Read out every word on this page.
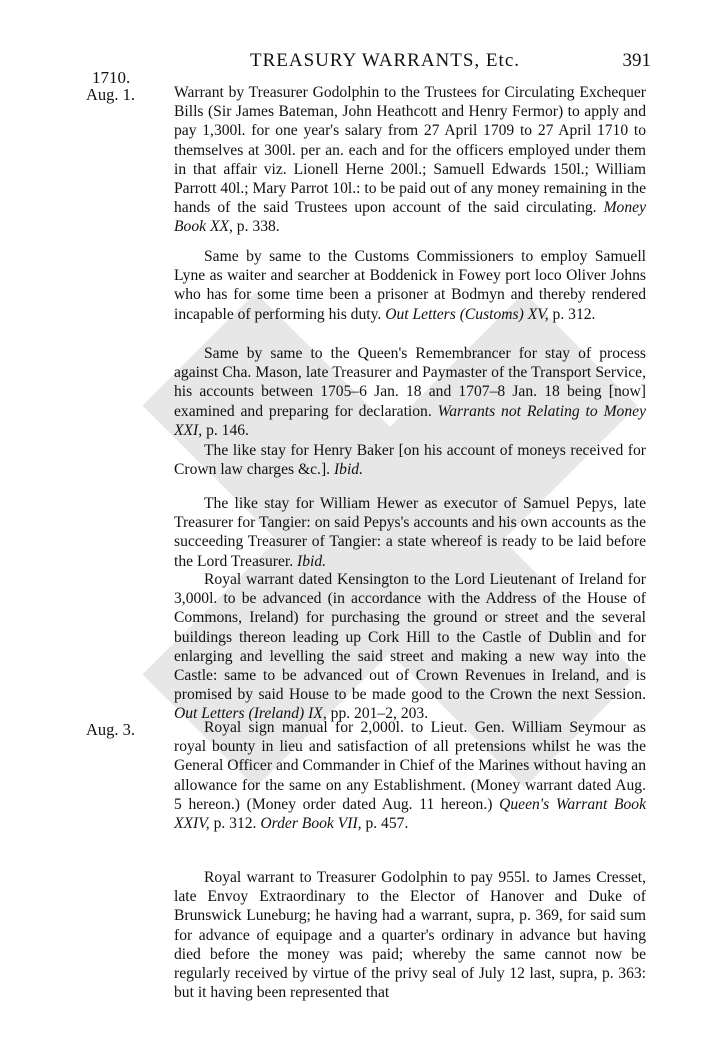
TREASURY WARRANTS, Etc.	391
1710.
Aug. 1.
Aug. 3.

Warrant by Treasurer Godolphin to the Trustees for Circulating Exchequer Bills (Sir James Bateman, John Heathcott and Henry Fermor) to apply and pay 1,300l. for one year's salary from 27 April 1709 to 27 April 1710 to themselves at 300l. per an. each and for the officers employed under them in that affair viz. Lionell Herne 200l.; Samuell Edwards 150l.; William Parrott 40l.; Mary Parrot 10l.: to be paid out of any money remaining in the hands of the said Trustees upon account of the said circulating. Money Book XX, p. 338.

Same by same to the Customs Commissioners to employ Samuell Lyne as waiter and searcher at Boddenick in Fowey port loco Oliver Johns who has for some time been a prisoner at Bodmyn and thereby rendered incapable of performing his duty. Out Letters (Customs) XV, p. 312.

Same by same to the Queen's Remembrancer for stay of process against Cha. Mason, late Treasurer and Paymaster of the Transport Service, his accounts between 1705–6 Jan. 18 and 1707–8 Jan. 18 being [now] examined and preparing for declaration. Warrants not Relating to Money XXI, p. 146.

The like stay for Henry Baker [on his account of moneys received for Crown law charges &c.]. Ibid.

The like stay for William Hewer as executor of Samuel Pepys, late Treasurer for Tangier: on said Pepys's accounts and his own accounts as the succeeding Treasurer of Tangier: a state whereof is ready to be laid before the Lord Treasurer. Ibid.

Royal warrant dated Kensington to the Lord Lieutenant of Ireland for 3,000l. to be advanced (in accordance with the Address of the House of Commons, Ireland) for purchasing the ground or street and the several buildings thereon leading up Cork Hill to the Castle of Dublin and for enlarging and levelling the said street and making a new way into the Castle: same to be advanced out of Crown Revenues in Ireland, and is promised by said House to be made good to the Crown the next Session. Out Letters (Ireland) IX, pp. 201–2, 203.

Royal sign manual for 2,000l. to Lieut. Gen. William Seymour as royal bounty in lieu and satisfaction of all pretensions whilst he was the General Officer and Commander in Chief of the Marines without having an allowance for the same on any Establishment. (Money warrant dated Aug. 5 hereon.) (Money order dated Aug. 11 hereon.) Queen's Warrant Book XXIV, p. 312. Order Book VII, p. 457.

Royal warrant to Treasurer Godolphin to pay 955l. to James Cresset, late Envoy Extraordinary to the Elector of Hanover and Duke of Brunswick Luneburg; he having had a warrant, supra, p. 369, for said sum for advance of equipage and a quarter's ordinary in advance but having died before the money was paid; whereby the same cannot now be regularly received by virtue of the privy seal of July 12 last, supra, p. 363: but it having been represented that
